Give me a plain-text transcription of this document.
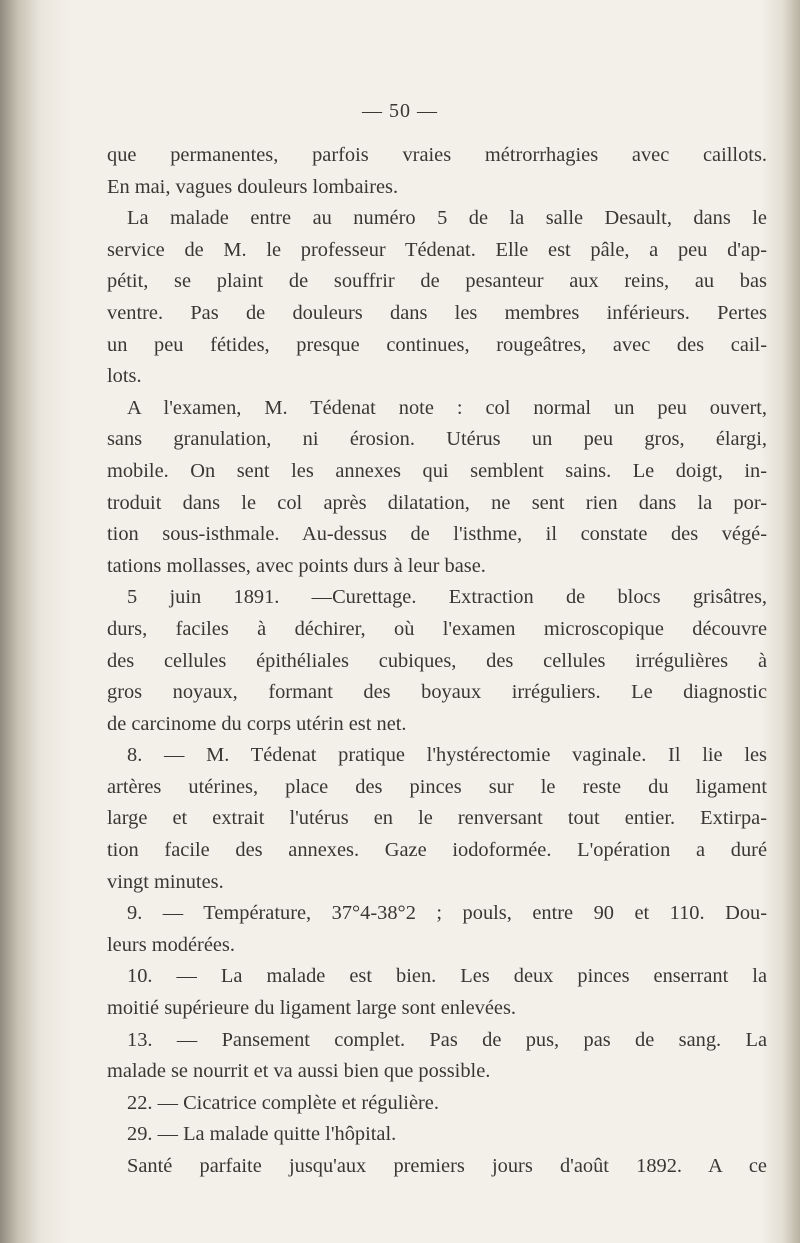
— 50 —
que permanentes, parfois vraies métrorrhagies avec caillots.
En mai, vagues douleurs lombaires.
La malade entre au numéro 5 de la salle Desault, dans le
service de M. le professeur Tédenat. Elle est pâle, a peu d'ap-
pétit, se plaint de souffrir de pesanteur aux reins, au bas
ventre. Pas de douleurs dans les membres inférieurs. Pertes
un peu fétides, presque continues, rougeâtres, avec des cail-
lots.
A l'examen, M. Tédenat note : col normal un peu ouvert,
sans granulation, ni érosion. Utérus un peu gros, élargi,
mobile. On sent les annexes qui semblent sains. Le doigt, in-
troduit dans le col après dilatation, ne sent rien dans la por-
tion sous-isthmale. Au-dessus de l'isthme, il constate des végé-
tations mollasses, avec points durs à leur base.
5 juin 1891. —Curettage. Extraction de blocs grisâtres,
durs, faciles à déchirer, où l'examen microscopique découvre
des cellules épithéliales cubiques, des cellules irrégulières à
gros noyaux, formant des boyaux irréguliers. Le diagnostic
de carcinome du corps utérin est net.
8. — M. Tédenat pratique l'hystérectomie vaginale. Il lie les
artères utérines, place des pinces sur le reste du ligament
large et extrait l'utérus en le renversant tout entier. Extirpa-
tion facile des annexes. Gaze iodoformée. L'opération a duré
vingt minutes.
9. — Température, 37°4-38°2 ; pouls, entre 90 et 110. Dou-
leurs modérées.
10. — La malade est bien. Les deux pinces enserrant la
moitié supérieure du ligament large sont enlevées.
13. — Pansement complet. Pas de pus, pas de sang. La
malade se nourrit et va aussi bien que possible.
22. — Cicatrice complète et régulière.
29. — La malade quitte l'hôpital.
Santé parfaite jusqu'aux premiers jours d'août 1892. A ce
